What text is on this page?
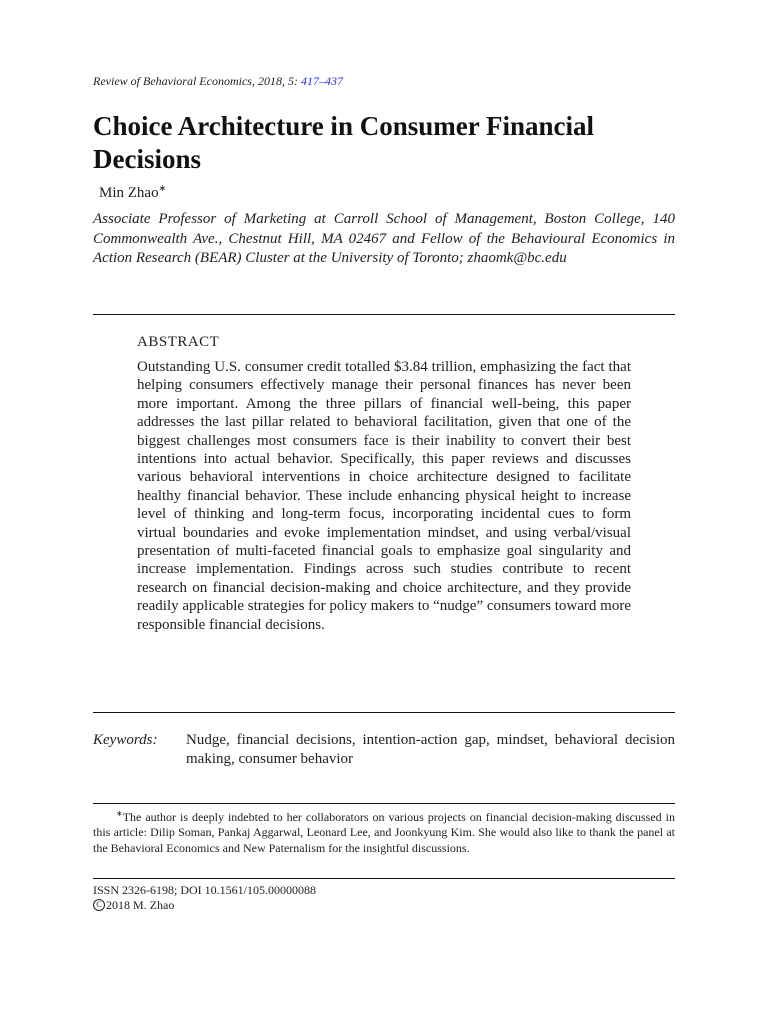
Review of Behavioral Economics, 2018, 5: 417–437
Choice Architecture in Consumer Financial Decisions
Min Zhao∗
Associate Professor of Marketing at Carroll School of Management, Boston College, 140 Commonwealth Ave., Chestnut Hill, MA 02467 and Fellow of the Behavioural Economics in Action Research (BEAR) Cluster at the University of Toronto; zhaomk@bc.edu
ABSTRACT

Outstanding U.S. consumer credit totalled $3.84 trillion, emphasizing the fact that helping consumers effectively manage their personal finances has never been more important. Among the three pillars of financial well-being, this paper addresses the last pillar related to behavioral facilitation, given that one of the biggest challenges most consumers face is their inability to convert their best intentions into actual behavior. Specifically, this paper reviews and discusses various behavioral interventions in choice architecture designed to facilitate healthy financial behavior. These include enhancing physical height to increase level of thinking and long-term focus, incorporating incidental cues to form virtual boundaries and evoke implementation mindset, and using verbal/visual presentation of multi-faceted financial goals to emphasize goal singularity and increase implementation. Findings across such studies contribute to recent research on financial decision-making and choice architecture, and they provide readily applicable strategies for policy makers to “nudge” consumers toward more responsible financial decisions.

Keywords:	Nudge, financial decisions, intention-action gap, mindset, behavioral decision making, consumer behavior

∗The author is deeply indebted to her collaborators on various projects on financial decision-making discussed in this article: Dilip Soman, Pankaj Aggarwal, Leonard Lee, and Joonkyung Kim. She would also like to thank the panel at the Behavioral Economics and New Paternalism for the insightful discussions.

ISSN 2326-6198; DOI 10.1561/105.00000088
C 2018 M. Zhao
